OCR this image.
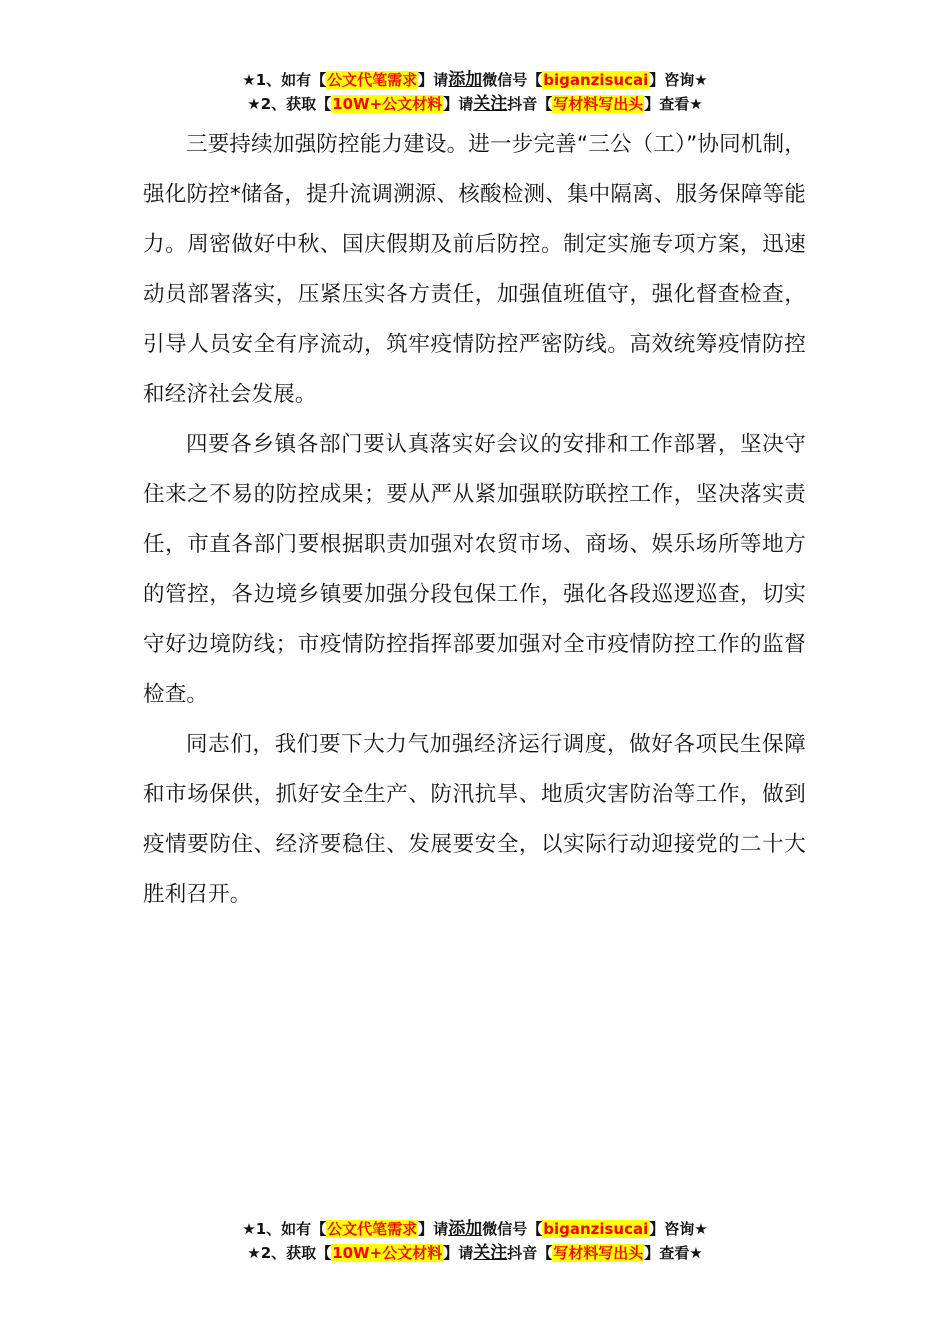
★1、如有【公文代笔需求】请添加微信号【biganzisucai】咨询★
★2、获取【10W+公文材料】请关注抖音【写材料写出头】查看★

三要持续加强防控能力建设。进一步完善“三公（工）”协同机制，强化防控*储备，提升流调溯源、核酸检测、集中隔离、服务保障等能力。周密做好中秋、国庆假期及前后防控。制定实施专项方案，迅速动员部署落实，压紧压实各方责任，加强值班值守，强化督查检查，引导人员安全有序流动，筑牢疫情防控严密防线。高效统筹疫情防控和经济社会发展。

四要各乡镇各部门要认真落实好会议的安排和工作部署，坚决守住来之不易的防控成果；要从严从紧加强联防联控工作，坚决落实责任，市直各部门要根据职责加强对农贸市场、商场、娱乐场所等地方的管控，各边境乡镇要加强分段包保工作，强化各段巡逻巡查，切实守好边境防线；市疫情防控指挥部要加强对全市疫情防控工作的监督检查。

同志们，我们要下大力气加强经济运行调度，做好各项民生保障和市场保供，抓好安全生产、防汛抗旱、地质灾害防治等工作，做到疫情要防住、经济要稳住、发展要安全，以实际行动迎接党的二十大胜利召开。

★1、如有【公文代笔需求】请添加微信号【biganzisucai】咨询★
★2、获取【10W+公文材料】请关注抖音【写材料写出头】查看★
